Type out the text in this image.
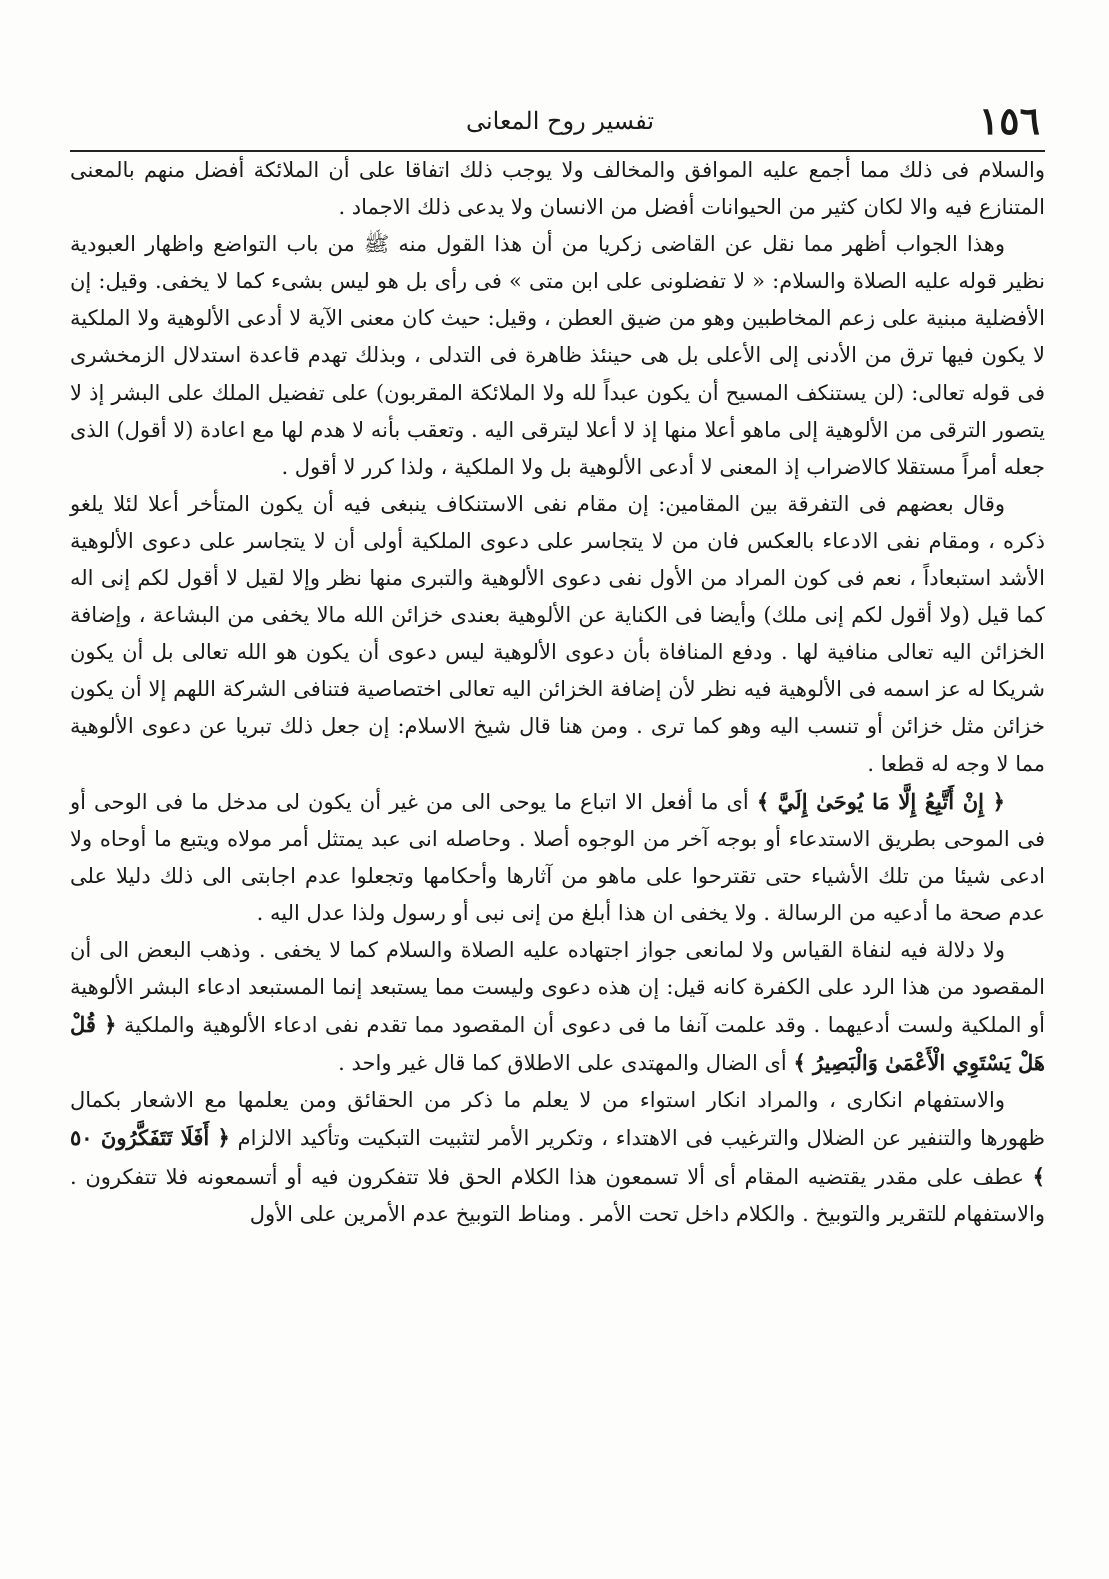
١٥٦
تفسير روح المعانى

والسلام فى ذلك مما أجمع عليه الموافق والمخالف ولا يوجب ذلك اتفاقا على أن الملائكة أفضل منهم بالمعنى المتنازع فيه والا لكان كثير من الحيوانات أفضل من الانسان ولا يدعى ذلك الاجماد .

وهذا الجواب أظهر مما نقل عن القاضى زكريا من أن هذا القول منه ﷺ من باب التواضع واظهار العبودية نظير قوله عليه الصلاة والسلام: « لا تفضلونى على ابن متى » فى رأى بل هو ليس بشىء كما لا يخفى. وقيل: إن الأفضلية مبنية على زعم المخاطبين وهو من ضيق العطن ، وقيل: حيث كان معنى الآية لا أدعى الألوهية ولا الملكية لا يكون فيها ترق من الأدنى إلى الأعلى بل هى حينئذ ظاهرة فى التدلى ، وبذلك تهدم قاعدة استدلال الزمخشرى فى قوله تعالى: (لن يستنكف المسيح أن يكون عبداً لله ولا الملائكة المقربون) على تفضيل الملك على البشر إذ لا يتصور الترقى من الألوهية إلى ماهو أعلا منها إذ لا أعلا ليترقى اليه . وتعقب بأنه لا هدم لها مع اعادة (لا أقول) الذى جعله أمراً مستقلا كالاضراب إذ المعنى لا أدعى الألوهية بل ولا الملكية ، ولذا كرر لا أقول .

وقال بعضهم فى التفرقة بين المقامين: إن مقام نفى الاستنكاف ينبغى فيه أن يكون المتأخر أعلا لئلا يلغو ذكره ، ومقام نفى الادعاء بالعكس فان من لا يتجاسر على دعوى الملكية أولى أن لا يتجاسر على دعوى الألوهية الأشد استبعاداً ، نعم فى كون المراد من الأول نفى دعوى الألوهية والتبرى منها نظر وإلا لقيل لا أقول لكم إنى اله كما قيل (ولا أقول لكم إنى ملك) وأيضا فى الكناية عن الألوهية بعندى خزائن الله مالا يخفى من البشاعة ، وإضافة الخزائن اليه تعالى منافية لها . ودفع المنافاة بأن دعوى الألوهية ليس دعوى أن يكون هو الله تعالى بل أن يكون شريكا له عز اسمه فى الألوهية فيه نظر لأن إضافة الخزائن اليه تعالى اختصاصية فتنافى الشركة اللهم إلا أن يكون خزائن مثل خزائن أو تنسب اليه وهو كما ترى . ومن هنا قال شيخ الاسلام: إن جعل ذلك تبريا عن دعوى الألوهية مما لا وجه له قطعا .

﴿ إِنْ أَتَّبِعُ إِلَّا مَا يُوحَىٰ إِلَيَّ ﴾ أى ما أفعل الا اتباع ما يوحى الى من غير أن يكون لى مدخل ما فى الوحى أو فى الموحى بطريق الاستدعاء أو بوجه آخر من الوجوه أصلا . وحاصله انى عبد يمتثل أمر مولاه ويتبع ما أوحاه ولا ادعى شيئا من تلك الأشياء حتى تقترحوا على ماهو من آثارها وأحكامها وتجعلوا عدم اجابتى الى ذلك دليلا على عدم صحة ما أدعيه من الرسالة . ولا يخفى ان هذا أبلغ من إنى نبى أو رسول ولذا عدل اليه .

ولا دلالة فيه لنفاة القياس ولا لمانعى جواز اجتهاده عليه الصلاة والسلام كما لا يخفى . وذهب البعض الى أن المقصود من هذا الرد على الكفرة كانه قيل: إن هذه دعوى وليست مما يستبعد إنما المستبعد ادعاء البشر الألوهية أو الملكية ولست أدعيهما . وقد علمت آنفا ما فى دعوى أن المقصود مما تقدم نفى ادعاء الألوهية والملكية ﴿ قُلْ هَلْ يَسْتَوِي الْأَعْمَىٰ وَالْبَصِيرُ ﴾ أى الضال والمهتدى على الاطلاق كما قال غير واحد .

والاستفهام انكارى ، والمراد انكار استواء من لا يعلم ما ذكر من الحقائق ومن يعلمها مع الاشعار بكمال ظهورها والتنفير عن الضلال والترغيب فى الاهتداء ، وتكرير الأمر لتثبيت التبكيت وتأكيد الالزام ﴿ أَفَلَا تَتَفَكَّرُونَ ٥٠ ﴾ عطف على مقدر يقتضيه المقام أى ألا تسمعون هذا الكلام الحق فلا تتفكرون فيه أو أتسمعونه فلا تتفكرون . والاستفهام للتقرير والتوبيخ . والكلام داخل تحت الأمر . ومناط التوبيخ عدم الأمرين على الأول
